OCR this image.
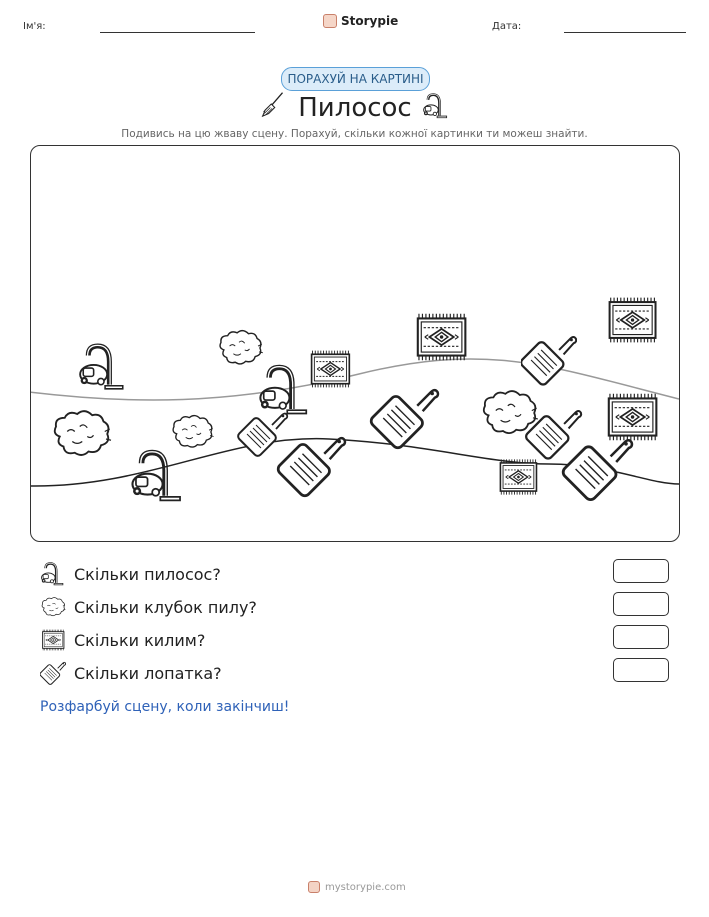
Ім'я:	Storypie	Дата:
ПОРАХУЙ НА КАРТИНІ
Пилосос
Подивись на цю жваву сцену. Порахуй, скільки кожної картинки ти можеш знайти.
Скільки пилосос?
Скільки клубок пилу?
Скільки килим?
Скільки лопатка?
Розфарбуй сцену, коли закінчиш!
mystorypie.com
